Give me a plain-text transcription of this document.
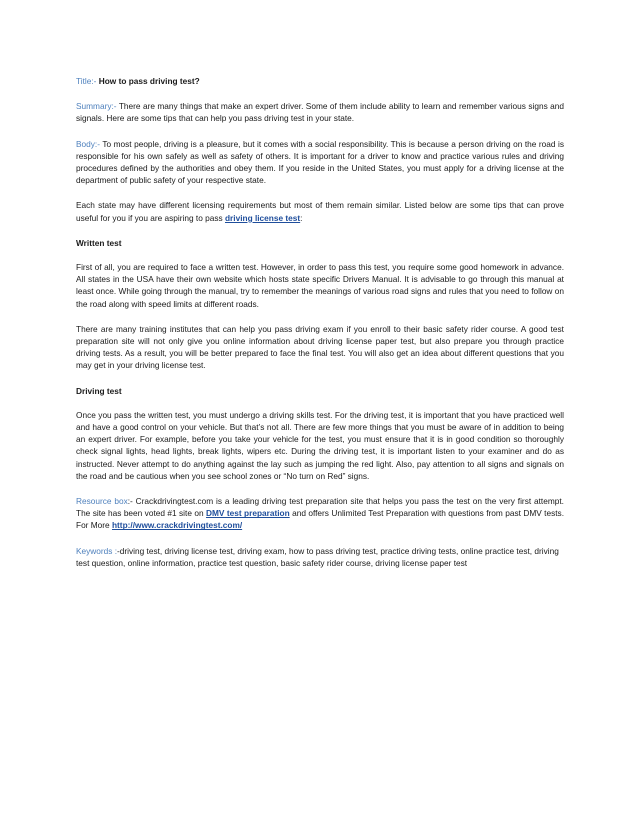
Title:- How to pass driving test?

Summary:- There are many things that make an expert driver. Some of them include ability to learn and remember various signs and signals. Here are some tips that can help you pass driving test in your state.

Body:- To most people, driving is a pleasure, but it comes with a social responsibility. This is because a person driving on the road is responsible for his own safely as well as safety of others. It is important for a driver to know and practice various rules and driving procedures defined by the authorities and obey them. If you reside in the United States, you must apply for a driving license at the department of public safety of your respective state.

Each state may have different licensing requirements but most of them remain similar. Listed below are some tips that can prove useful for you if you are aspiring to pass driving license test:

Written test

First of all, you are required to face a written test. However, in order to pass this test, you require some good homework in advance. All states in the USA have their own website which hosts state specific Drivers Manual. It is advisable to go through this manual at least once. While going through the manual, try to remember the meanings of various road signs and rules that you need to follow on the road along with speed limits at different roads.

There are many training institutes that can help you pass driving exam if you enroll to their basic safety rider course. A good test preparation site will not only give you online information about driving license paper test, but also prepare you through practice driving tests. As a result, you will be better prepared to face the final test. You will also get an idea about different questions that you may get in your driving license test.

Driving test

Once you pass the written test, you must undergo a driving skills test. For the driving test, it is important that you have practiced well and have a good control on your vehicle. But that’s not all. There are few more things that you must be aware of in addition to being an expert driver. For example, before you take your vehicle for the test, you must ensure that it is in good condition so thoroughly check signal lights, head lights, break lights, wipers etc. During the driving test, it is important listen to your examiner and do as instructed. Never attempt to do anything against the lay such as jumping the red light. Also, pay attention to all signs and signals on the road and be cautious when you see school zones or “No turn on Red” signs.

Resource box:- Crackdrivingtest.com is a leading driving test preparation site that helps you pass the test on the very first attempt. The site has been voted #1 site on DMV test preparation and offers Unlimited Test Preparation with questions from past DMV tests. For More http://www.crackdrivingtest.com/

Keywords :-driving test, driving license test, driving exam, how to pass driving test, practice driving tests, online practice test, driving test question, online information, practice test question, basic safety rider course, driving license paper test
